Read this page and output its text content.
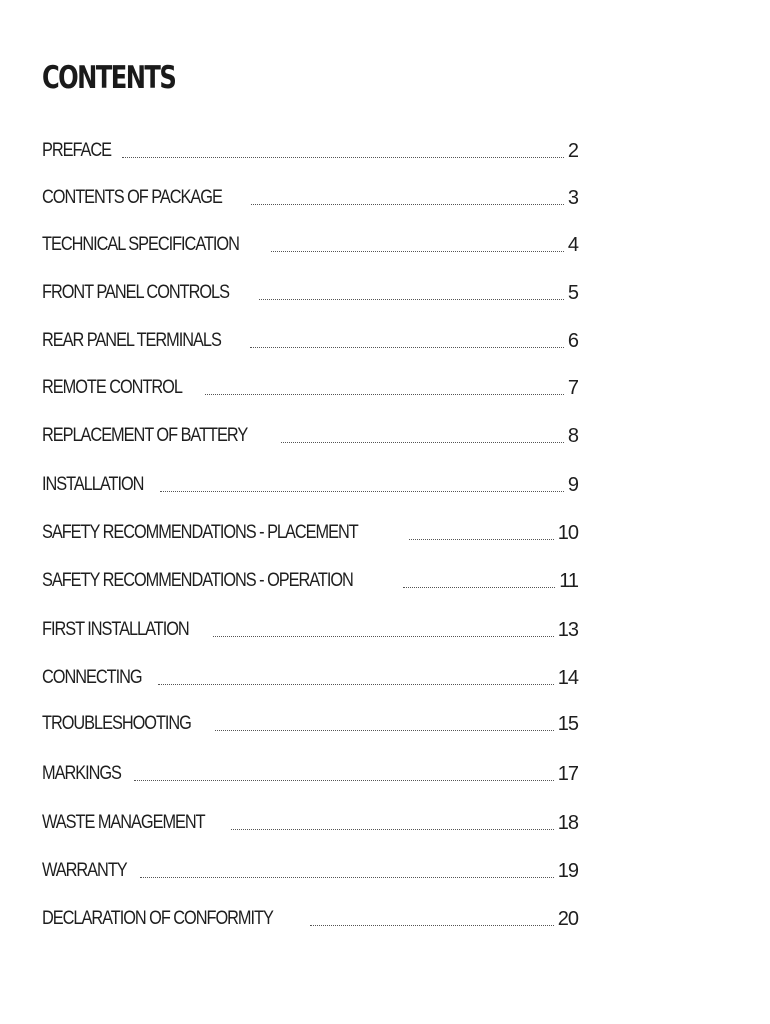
CONTENTS
PREFACE	2
CONTENTS OF PACKAGE	3
TECHNICAL SPECIFICATION	4
FRONT PANEL CONTROLS	5
REAR PANEL TERMINALS	6
REMOTE CONTROL	7
REPLACEMENT OF BATTERY	8
INSTALLATION	9
SAFETY RECOMMENDATIONS - PLACEMENT	10
SAFETY RECOMMENDATIONS - OPERATION	11
FIRST INSTALLATION	13
CONNECTING	14
TROUBLESHOOTING	15
MARKINGS	17
WASTE MANAGEMENT	18
WARRANTY	19
DECLARATION OF CONFORMITY	20
